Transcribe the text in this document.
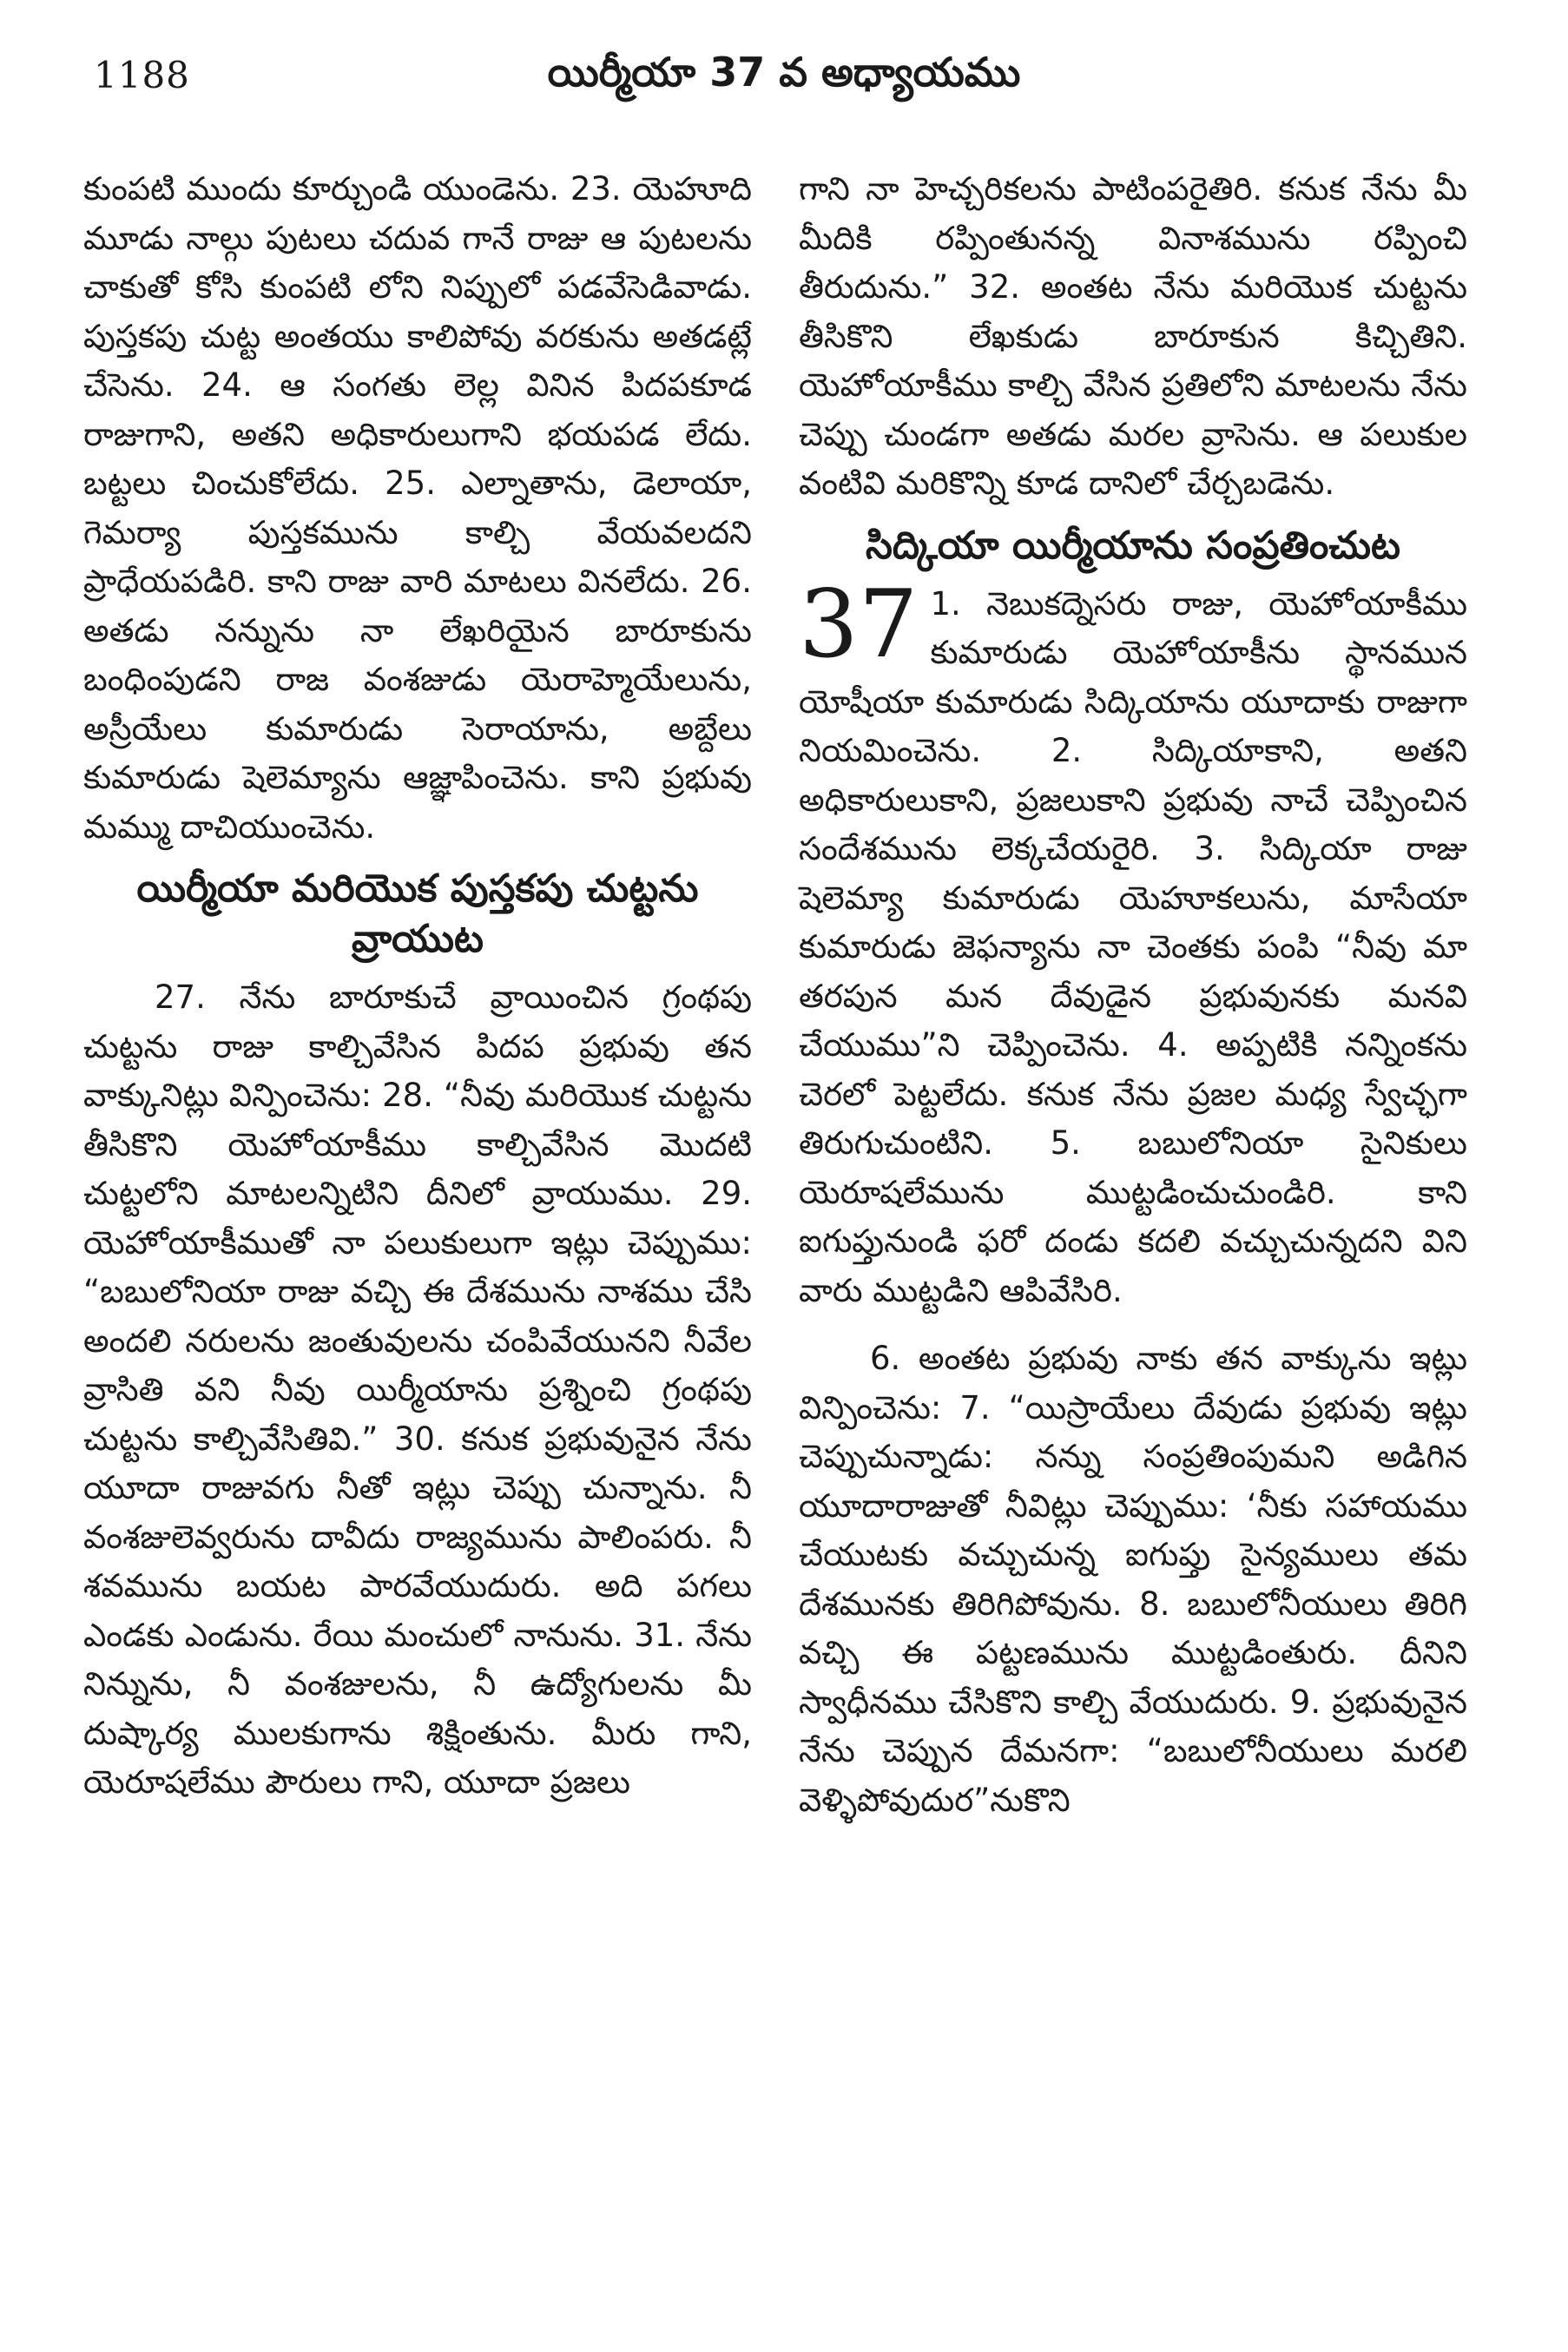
1188	యిర్మీయా 37 వ అధ్యాయము

కుంపటి ముందు కూర్చుండి యుండెను. 23. యెహూది మూడు నాల్గు పుటలు చదువ గానే రాజు ఆ పుటలను చాకుతో కోసి కుంపటి లోని నిప్పులో పడవేసెడివాడు. పుస్తకపు చుట్ట అంతయు కాలిపోవు వరకును అతడట్లే చేసెను. 24. ఆ సంగతు లెల్ల వినిన పిదపకూడ రాజుగాని, అతని అధికారులుగాని భయపడ లేదు. బట్టలు చించుకోలేదు. 25. ఎల్నాతాను, డెలాయా, గెమర్యా పుస్తకమును కాల్చి వేయవలదని ప్రాధేయపడిరి. కాని రాజు వారి మాటలు వినలేదు. 26. అతడు నన్నును నా లేఖరియైన బారూకును బంధింపుడని రాజ వంశజుడు యెరాహ్మెయేలును, అస్రీయేలు కుమారుడు సెరాయాను, అబ్దేలు కుమారుడు షెలెమ్యాను ఆజ్ఞాపించెను. కాని ప్రభువు మమ్ము దాచియుంచెను.

యిర్మీయా మరియొక పుస్తకపు చుట్టను వ్రాయుట

27. నేను బారూకుచే వ్రాయించిన గ్రంథపు చుట్టను రాజు కాల్చివేసిన పిదప ప్రభువు తన వాక్కునిట్లు విన్పించెను: 28. “నీవు మరియొక చుట్టను తీసికొని యెహోయాకీము కాల్చివేసిన మొదటి చుట్టలోని మాటలన్నిటిని దీనిలో వ్రాయుము. 29. యెహోయాకీముతో నా పలుకులుగా ఇట్లు చెప్పుము: “బబులోనియా రాజు వచ్చి ఈ దేశమును నాశము చేసి అందలి నరులను జంతువులను చంపివేయునని నీవేల వ్రాసితి వని నీవు యిర్మీయాను ప్రశ్నించి గ్రంథపు చుట్టను కాల్చివేసితివి.” 30. కనుక ప్రభువునైన నేను యూదా రాజువగు నీతో ఇట్లు చెప్పు చున్నాను. నీ వంశజులెవ్వరును దావీదు రాజ్యమును పాలింపరు. నీ శవమును బయట పారవేయుదురు. అది పగలు ఎండకు ఎండును. రేయి మంచులో నానును. 31. నేను నిన్నును, నీ వంశజులను, నీ ఉద్యోగులను మీ దుష్కార్య ములకుగాను శిక్షింతును. మీరు గాని, యెరూషలేము పౌరులు గాని, యూదా ప్రజలు

గాని నా హెచ్చరికలను పాటింపరైతిరి. కనుక నేను మీ మీదికి రప్పింతునన్న వినాశమును రప్పించి తీరుదును.” 32. అంతట నేను మరియొక చుట్టను తీసికొని లేఖకుడు బారూకున కిచ్చితిని. యెహోయాకీము కాల్చి వేసిన ప్రతిలోని మాటలను నేను చెప్పు చుండగా అతడు మరల వ్రాసెను. ఆ పలుకుల వంటివి మరికొన్ని కూడ దానిలో చేర్చబడెను.

సిద్కియా యిర్మీయాను సంప్రతించుట
37 1. నెబుకద్నెసరు రాజు, యెహోయాకీము కుమారుడు యెహోయాకీను స్థానమున యోషీయా కుమారుడు సిద్కియాను యూదాకు రాజుగా నియమించెను. 2. సిద్కియాకాని, అతని అధికారులుకాని, ప్రజలుకాని ప్రభువు నాచే చెప్పించిన సందేశమును లెక్కచేయరైరి. 3. సిద్కియా రాజు షెలెమ్యా కుమారుడు యెహూకలును, మాసేయా కుమారుడు జెఫన్యాను నా చెంతకు పంపి “నీవు మా తరపున మన దేవుడైన ప్రభువునకు మనవి చేయుము”ని చెప్పించెను. 4. అప్పటికి నన్నింకను చెరలో పెట్టలేదు. కనుక నేను ప్రజల మధ్య స్వేచ్ఛగా తిరుగుచుంటిని. 5. బబులోనియా సైనికులు యెరూషలేమును ముట్టడించుచుండిరి. కాని ఐగుప్తునుండి ఫరో దండు కదలి వచ్చుచున్నదని విని వారు ముట్టడిని ఆపివేసిరి.

6. అంతట ప్రభువు నాకు తన వాక్కును ఇట్లు విన్పించెను: 7. “యిస్రాయేలు దేవుడు ప్రభువు ఇట్లు చెప్పుచున్నాడు: నన్ను సంప్రతింపుమని అడిగిన యూదారాజుతో నీవిట్లు చెప్పుము: ‘నీకు సహాయము చేయుటకు వచ్చుచున్న ఐగుప్తు సైన్యములు తమ దేశమునకు తిరిగిపోవును. 8. బబులోనీయులు తిరిగి వచ్చి ఈ పట్టణమును ముట్టడింతురు. దీనిని స్వాధీనము చేసికొని కాల్చి వేయుదురు. 9. ప్రభువునైన నేను చెప్పున దేమనగా: “బబులోనీయులు మరలి వెళ్ళిపోవుదుర”నుకొని
